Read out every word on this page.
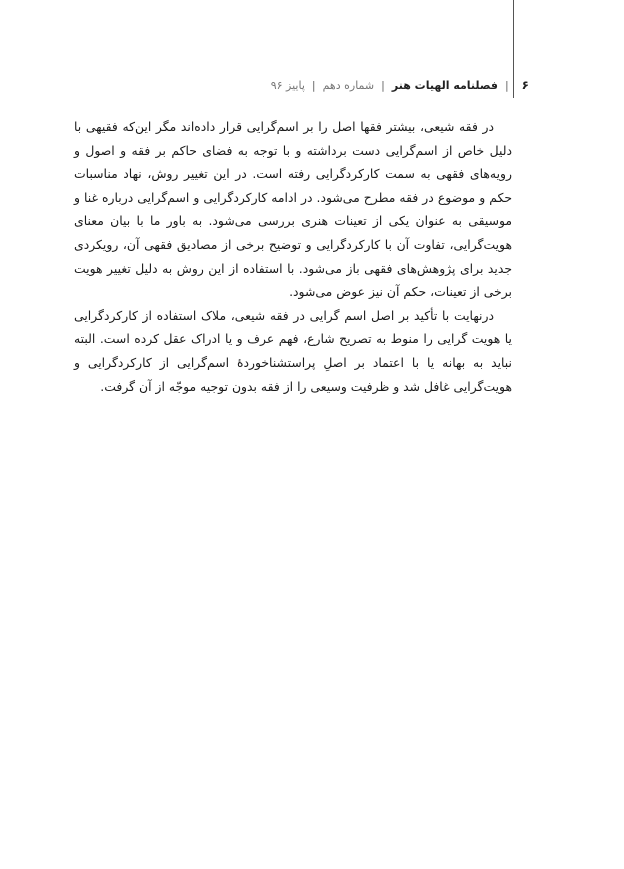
۶
|
فصلنامه الهیات هنر
|
شماره دهم
|
پاییز ۹۶

در فقه شیعی، بیشتر فقها اصل را بر اسم‌گرایی قرار داده‌اند مگر این‌که فقیهی با دلیل خاص از اسم‌گرایی دست برداشته و با توجه به فضای حاکم بر فقه و اصول و رویه‌های فقهی به سمت کارکردگرایی رفته است. در این تغییر روش، نهاد مناسبات حکم و موضوع در فقه مطرح می‌شود. در ادامه کارکردگرایی و اسم‌گرایی درباره غنا و موسیقی به عنوان یکی از تعینات هنری بررسی می‌شود. به باور ما با بیان معنای هویت‌گرایی، تفاوت آن با کارکردگرایی و توضیح برخی از مصادیق فقهی آن، رویکردی جدید برای پژوهش‌های فقهی باز می‌شود. با استفاده از این روش به دلیل تغییر هویت برخی از تعینات، حکم آن نیز عوض می‌شود.

درنهایت با تأکید بر اصل اسم گرایی در فقه شیعی، ملاک استفاده از کارکردگرایی یا هویت گرایی را منوط به تصریح شارع، فهم عرف و یا ادراک عقل کرده است. البته نباید به بهانه یا با اعتماد بر اصلِ پراستشناخوردهٔ اسم‌گرایی از کارکردگرایی و هویت‌گرایی غافل شد و ظرفیت وسیعی را از فقه بدون توجیه موجّه از آن گرفت.
